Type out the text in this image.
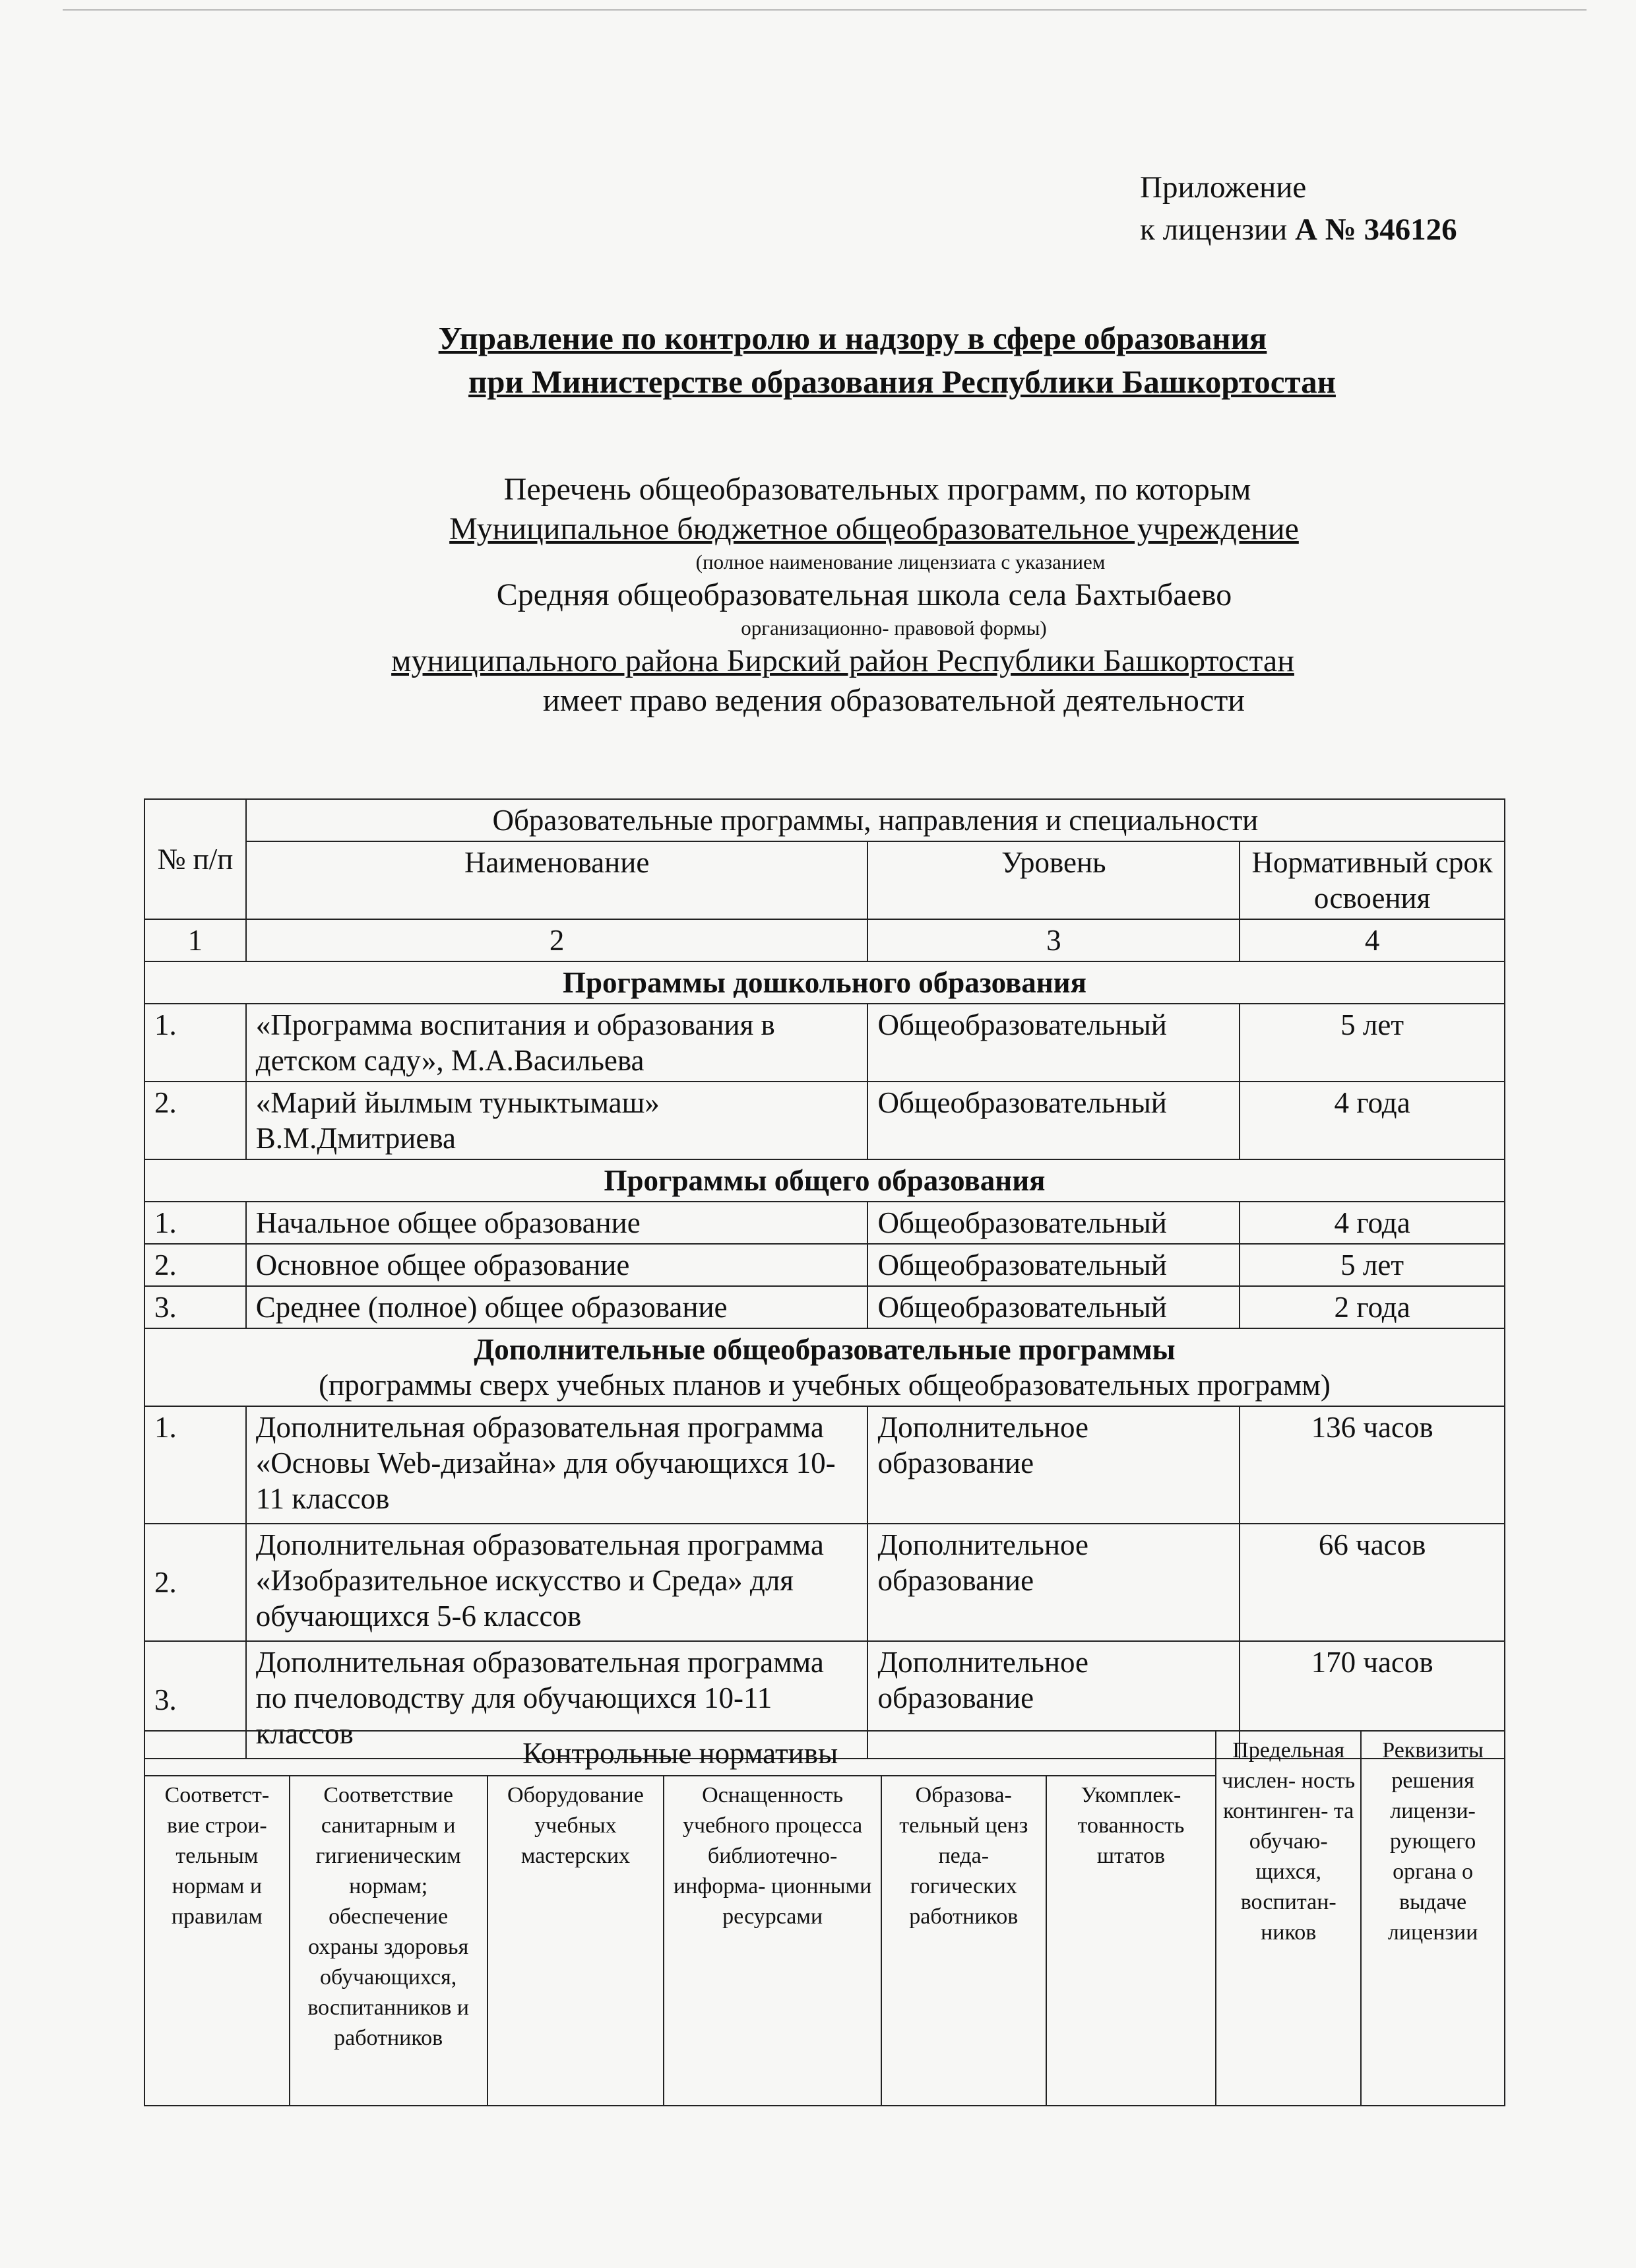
Приложение
к лицензии А № 346126
Управление по контролю и надзору в сфере образования
при Министерстве образования Республики Башкортостан
Перечень общеобразовательных программ, по которым
Муниципальное бюджетное общеобразовательное учреждение
(полное наименование лицензиата с указанием
Средняя общеобразовательная школа села Бахтыбаево
организационно- правовой формы)
муниципального района Бирский район Республики Башкортостан
имеет право ведения образовательной деятельности
№ п/п	Образовательные программы, направления и специальности		
	Наименование	Уровень	Нормативный срок освоения
1	2	3	4
Программы дошкольного образования			
1.	«Программа воспитания и образования в детском саду», М.А.Васильева	Общеобразовательный	5 лет
2.	«Марий йылмым туныктымаш» В.М.Дмитриева	Общеобразовательный	4 года
Программы общего образования			
1.	Начальное общее образование	Общеобразовательный	4 года
2.	Основное общее образование	Общеобразовательный	5 лет
3.	Среднее (полное) общее образование	Общеобразовательный	2 года
Дополнительные общеобразовательные программы
(программы сверх учебных планов и учебных общеобразовательных программ)			

1.	Дополнительная образовательная программа «Основы Web-дизайна» для обучающихся 10-11 классов	Дополнительное образование	136 часов
2.	Дополнительная образовательная программа «Изобразительное искусство и Среда» для обучающихся 5-6 классов	Дополнительное образование	66 часов
3.	Дополнительная образовательная программа по пчеловодству для обучающихся 10-11 классов	Дополнительное образование	170 часов
Контрольные нормативы						Предельная числен- ность континген- та обучаю- щихся, воспитан- ников	Реквизиты решения лицензи- рующего органа о выдаче лицензии
Соответст- вие строи- тельным нормам и правилам	Соответствие санитарным и гигиеническим нормам; обеспечение охраны здоровья обучающихся, воспитанников и работников	Оборудование учебных мастерских	Оснащенность учебного процесса библиотечно- информа- ционными ресурсами	Образова- тельный ценз педа- гогических работников	Укомплек- тованность штатов		
